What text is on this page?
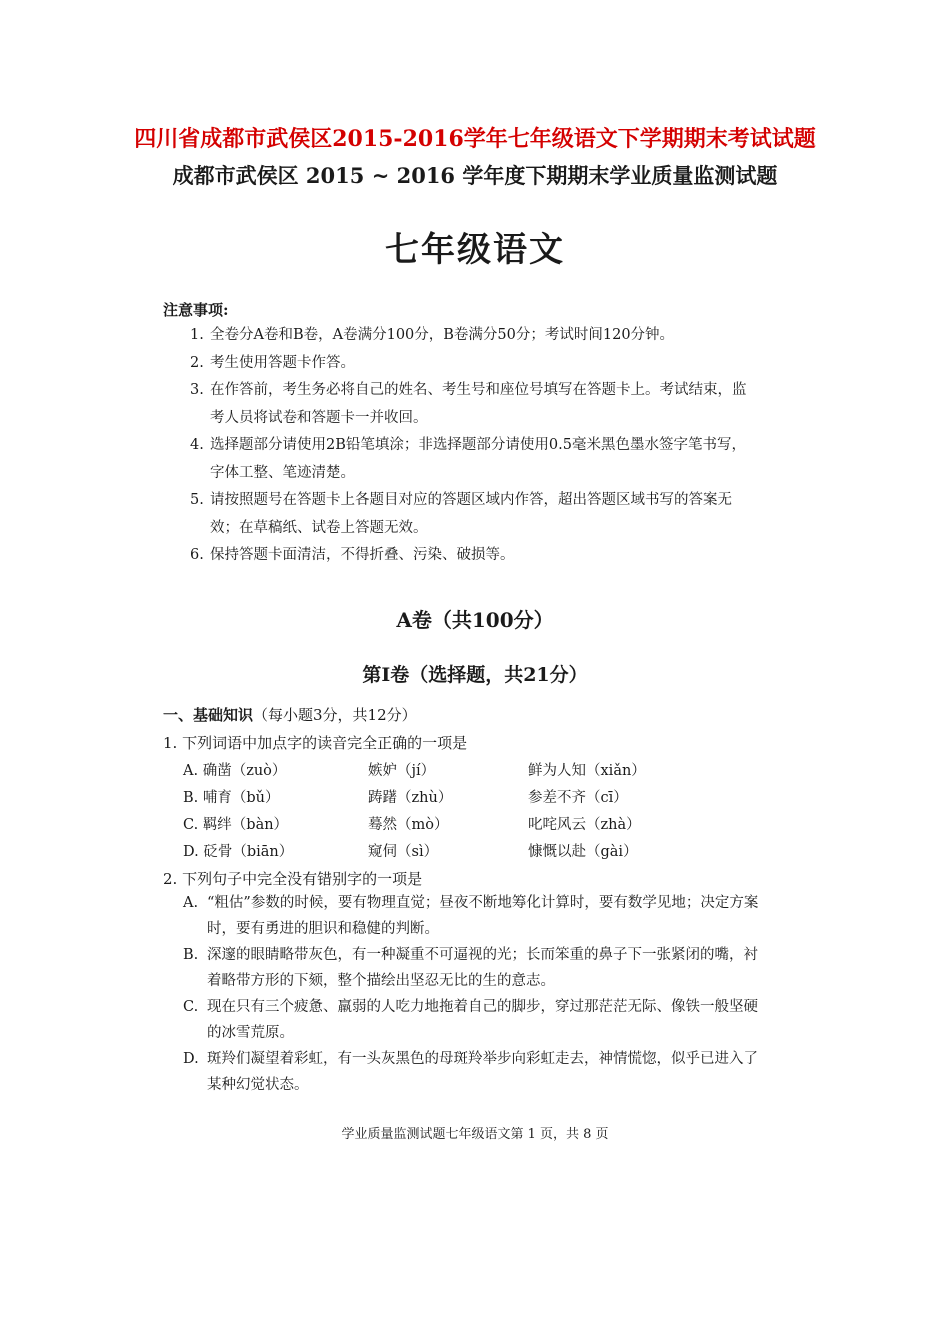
四川省成都市武侯区2015-2016学年七年级语文下学期期末考试试题
成都市武侯区 2015 ~ 2016 学年度下期期末学业质量监测试题
七年级语文
注意事项:
1. 全卷分A卷和B卷，A卷满分100分，B卷满分50分；考试时间120分钟。
2. 考生使用答题卡作答。
3. 在作答前，考生务必将自己的姓名、考生号和座位号填写在答题卡上。考试结束，监考人员将试卷和答题卡一并收回。
4. 选择题部分请使用2B铅笔填涂；非选择题部分请使用0.5毫米黑色墨水签字笔书写，字体工整、笔迹清楚。
5. 请按照题号在答题卡上各题目对应的答题区域内作答，超出答题区域书写的答案无效；在草稿纸、试卷上答题无效。
6. 保持答题卡面清洁，不得折叠、污染、破损等。
A卷（共100分）
第Ⅰ卷（选择题，共21分）
一、基础知识（每小题3分，共12分）
1. 下列词语中加点字的读音完全正确的一项是
A. 确凿（zuò）	嫉妒（jí）	鲜为人知（xiǎn）
B. 哺育（bǔ）	踌躇（zhù）	参差不齐（cī）
C. 羁绊（bàn）	蓦然（mò）	叱咤风云（zhà）
D. 砭骨（biān）	窥伺（sì）	慷慨以赴（gài）
2. 下列句子中完全没有错别字的一项是
A. “粗估”参数的时候，要有物理直觉；昼夜不断地筹化计算时，要有数学见地；决定方案时，要有勇进的胆识和稳健的判断。
B. 深邃的眼睛略带灰色，有一种凝重不可逼视的光；长而笨重的鼻子下一张紧闭的嘴，衬着略带方形的下颏，整个描绘出坚忍无比的生的意志。
C. 现在只有三个疲惫、羸弱的人吃力地拖着自己的脚步，穿过那茫茫无际、像铁一般坚硬的冰雪荒原。
D. 斑羚们凝望着彩虹，有一头灰黑色的母斑羚举步向彩虹走去，神情慌惚，似乎已进入了某种幻觉状态。
学业质量监测试题七年级语文第 1 页，共 8 页
